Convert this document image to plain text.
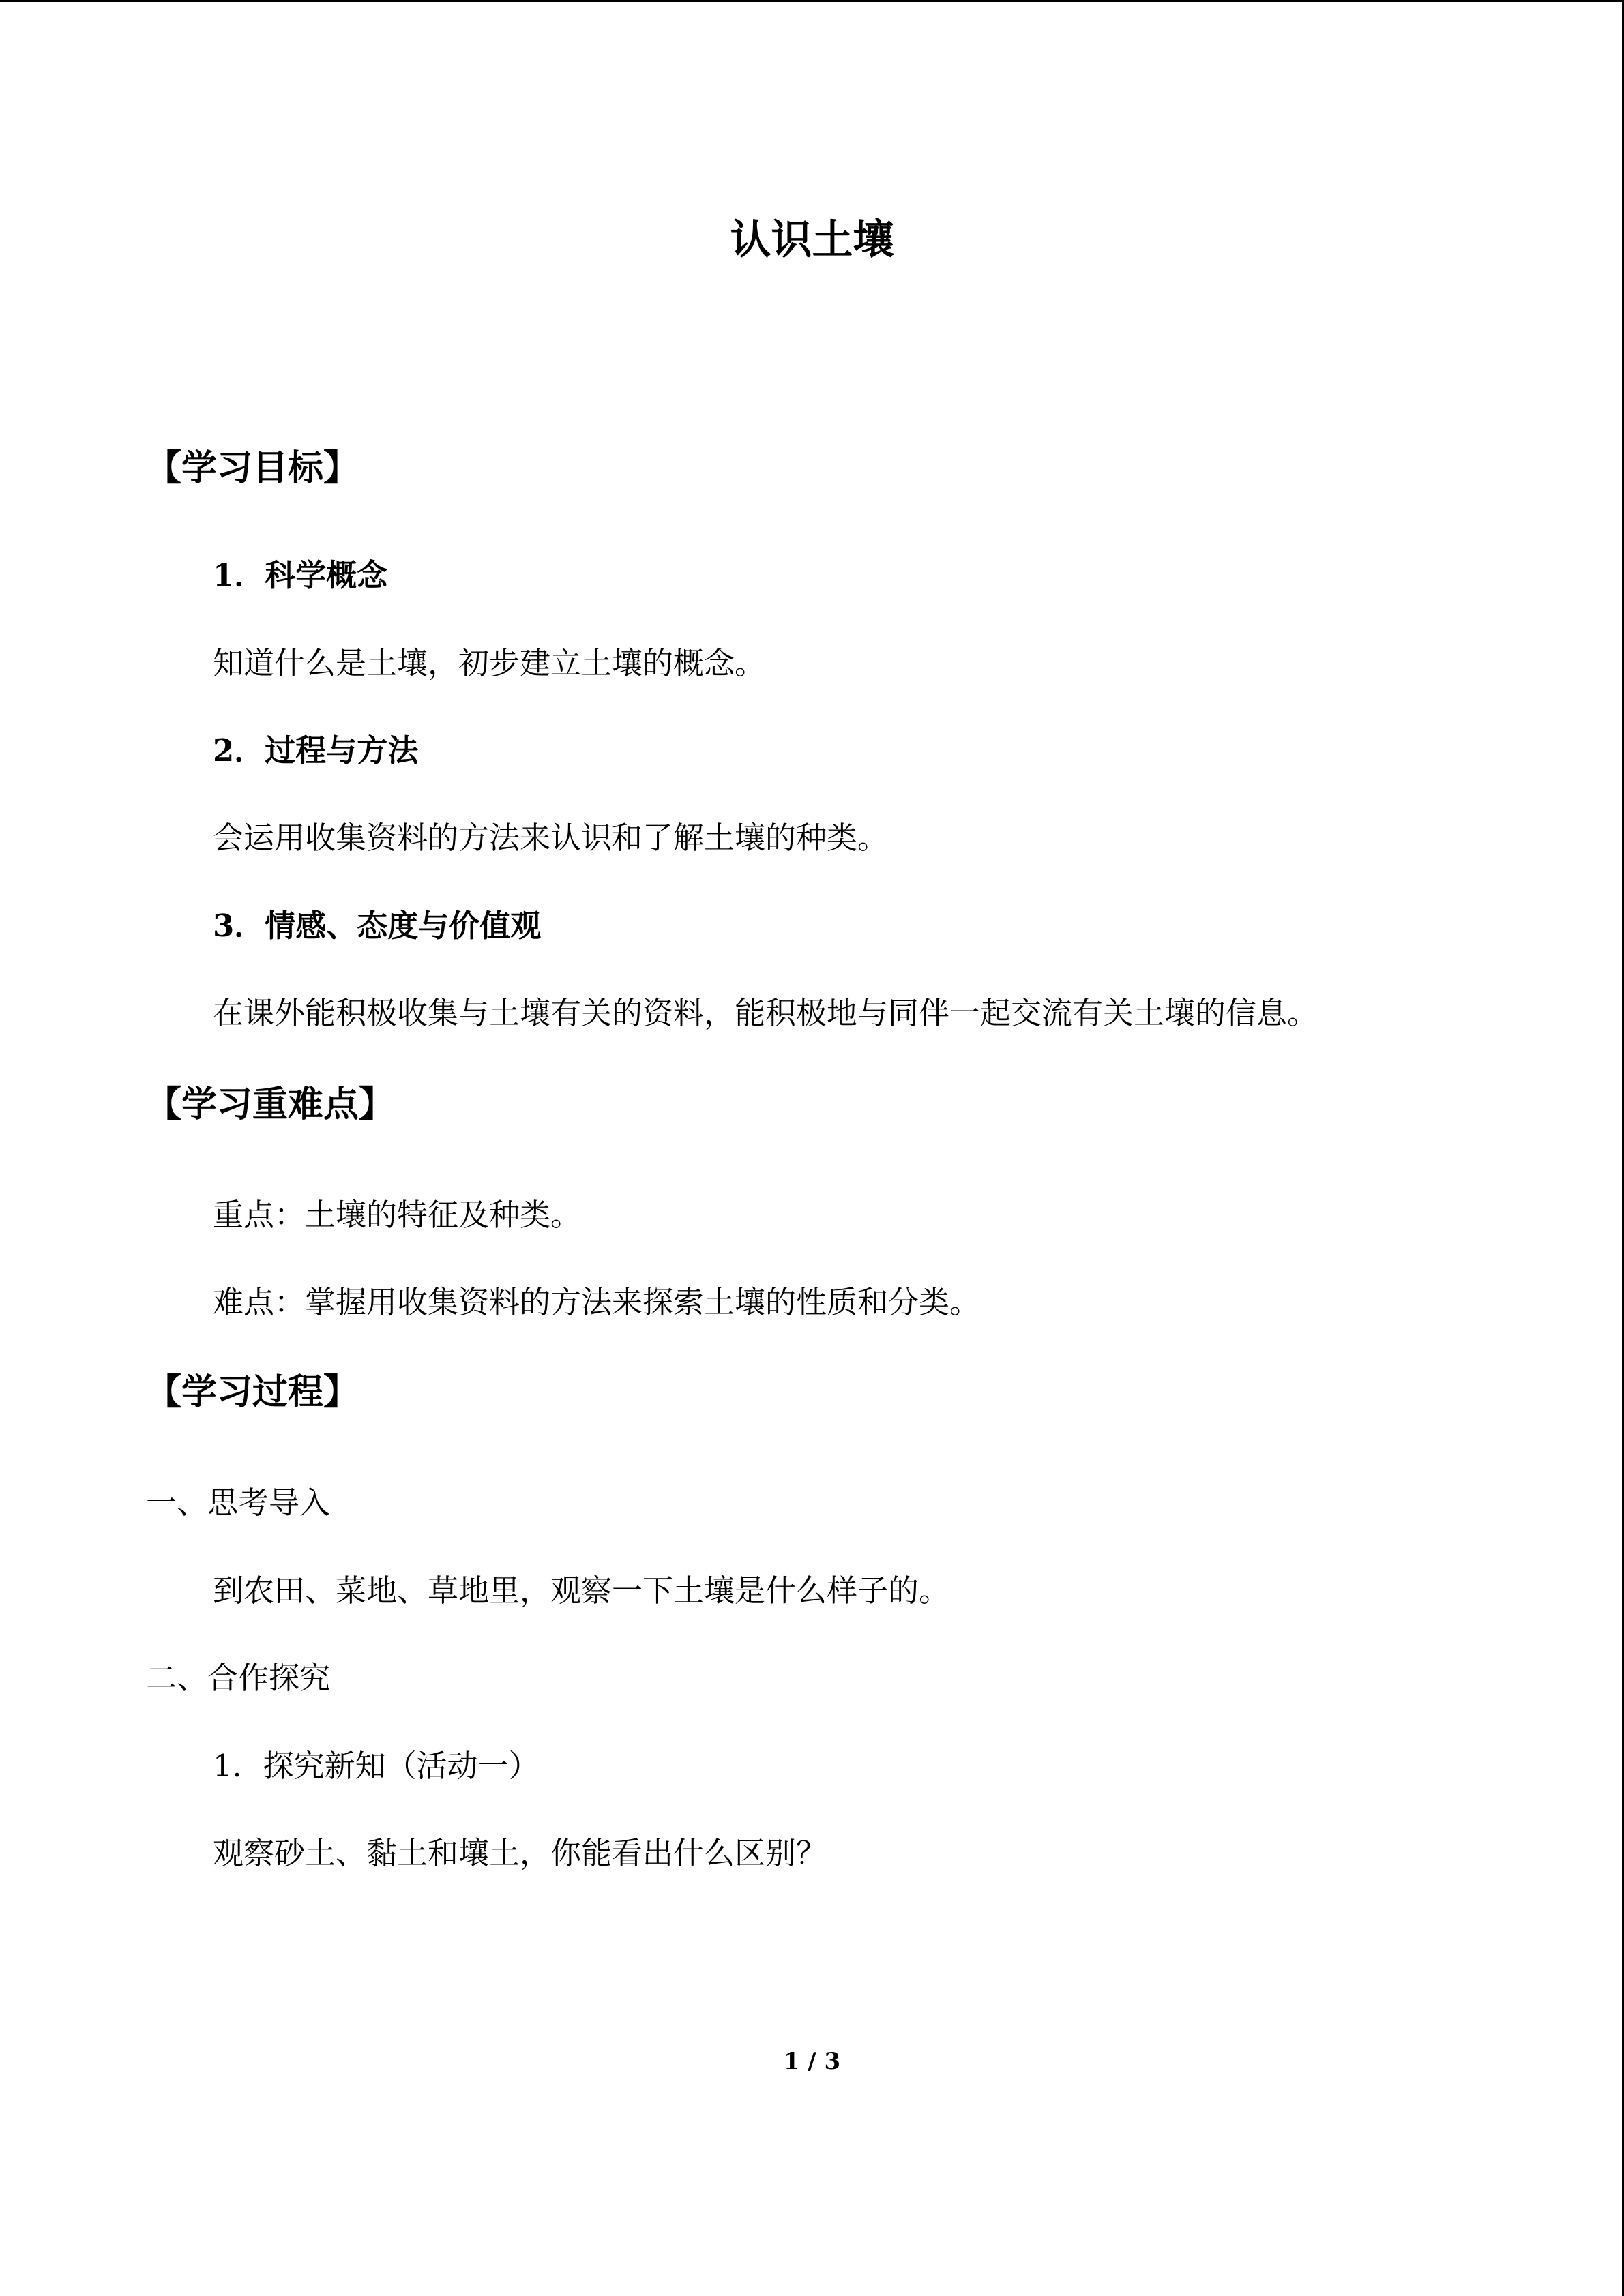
认识土壤
【学习目标】
1．科学概念
知道什么是土壤，初步建立土壤的概念。
2．过程与方法
会运用收集资料的方法来认识和了解土壤的种类。
3．情感、态度与价值观
在课外能积极收集与土壤有关的资料，能积极地与同伴一起交流有关土壤的信息。
【学习重难点】
重点：土壤的特征及种类。
难点：掌握用收集资料的方法来探索土壤的性质和分类。
【学习过程】
一、思考导入
到农田、菜地、草地里，观察一下土壤是什么样子的。
二、合作探究
1．探究新知（活动一）
观察砂土、黏土和壤土，你能看出什么区别？
1 / 3
